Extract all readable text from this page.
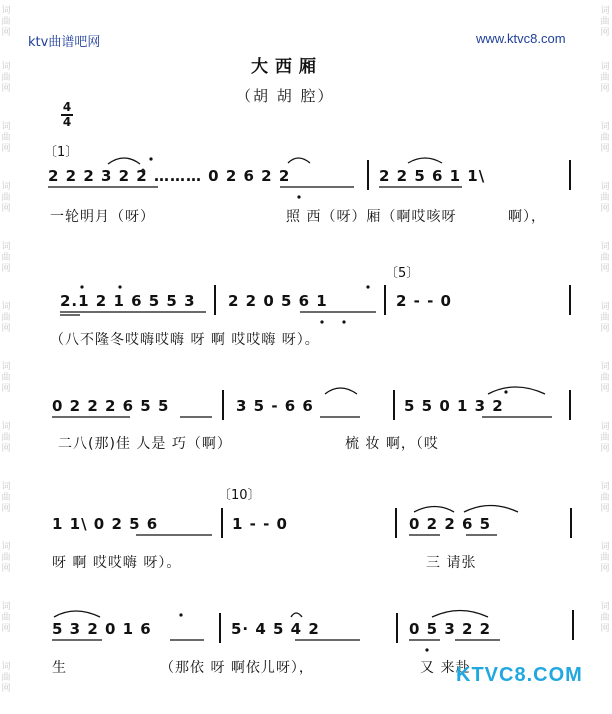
词曲网
词曲网
词曲网
词曲网
词曲网
词曲网
词曲网
词曲网
词曲网
词曲网
词曲网
词曲网
词曲网
词曲网
词曲网
词曲网
词曲网
词曲网
词曲网
词曲网
词曲网
词曲网
词曲网
ktv曲谱吧网	www.ktvc8.com
大西厢
（胡 胡 腔）
4
4
〔1〕
〔5〕
〔10〕
2 2 2 3 2 2̂ ……… 0 2 6 2 2	2 2 5 6 1 1\
一轮明月（呀）	照 西（呀）厢（啊哎咳呀	啊），
2.1 2 1 6 5 5 3 2 2 0 5 6 1	2 - - 0
（八不隆冬哎嗨哎嗨 呀 啊 哎哎嗨 呀）。
0 2 2 2 6 5 5	3 5 - 6 6	5 5 0 1 3 2
二八(那)佳 人是 巧（啊）	梳 妆 啊，（哎
1 1\ 0 2 5 6	1 - - 0	0 2 2 6 5
呀 啊 哎哎嗨 呀）。	三 请张
5 3 2 0 1 6	5· 4 5 4 2	0 5 3 2 2
生	（那依 呀 啊依儿呀），	又 来赴
KTVC8.COM
